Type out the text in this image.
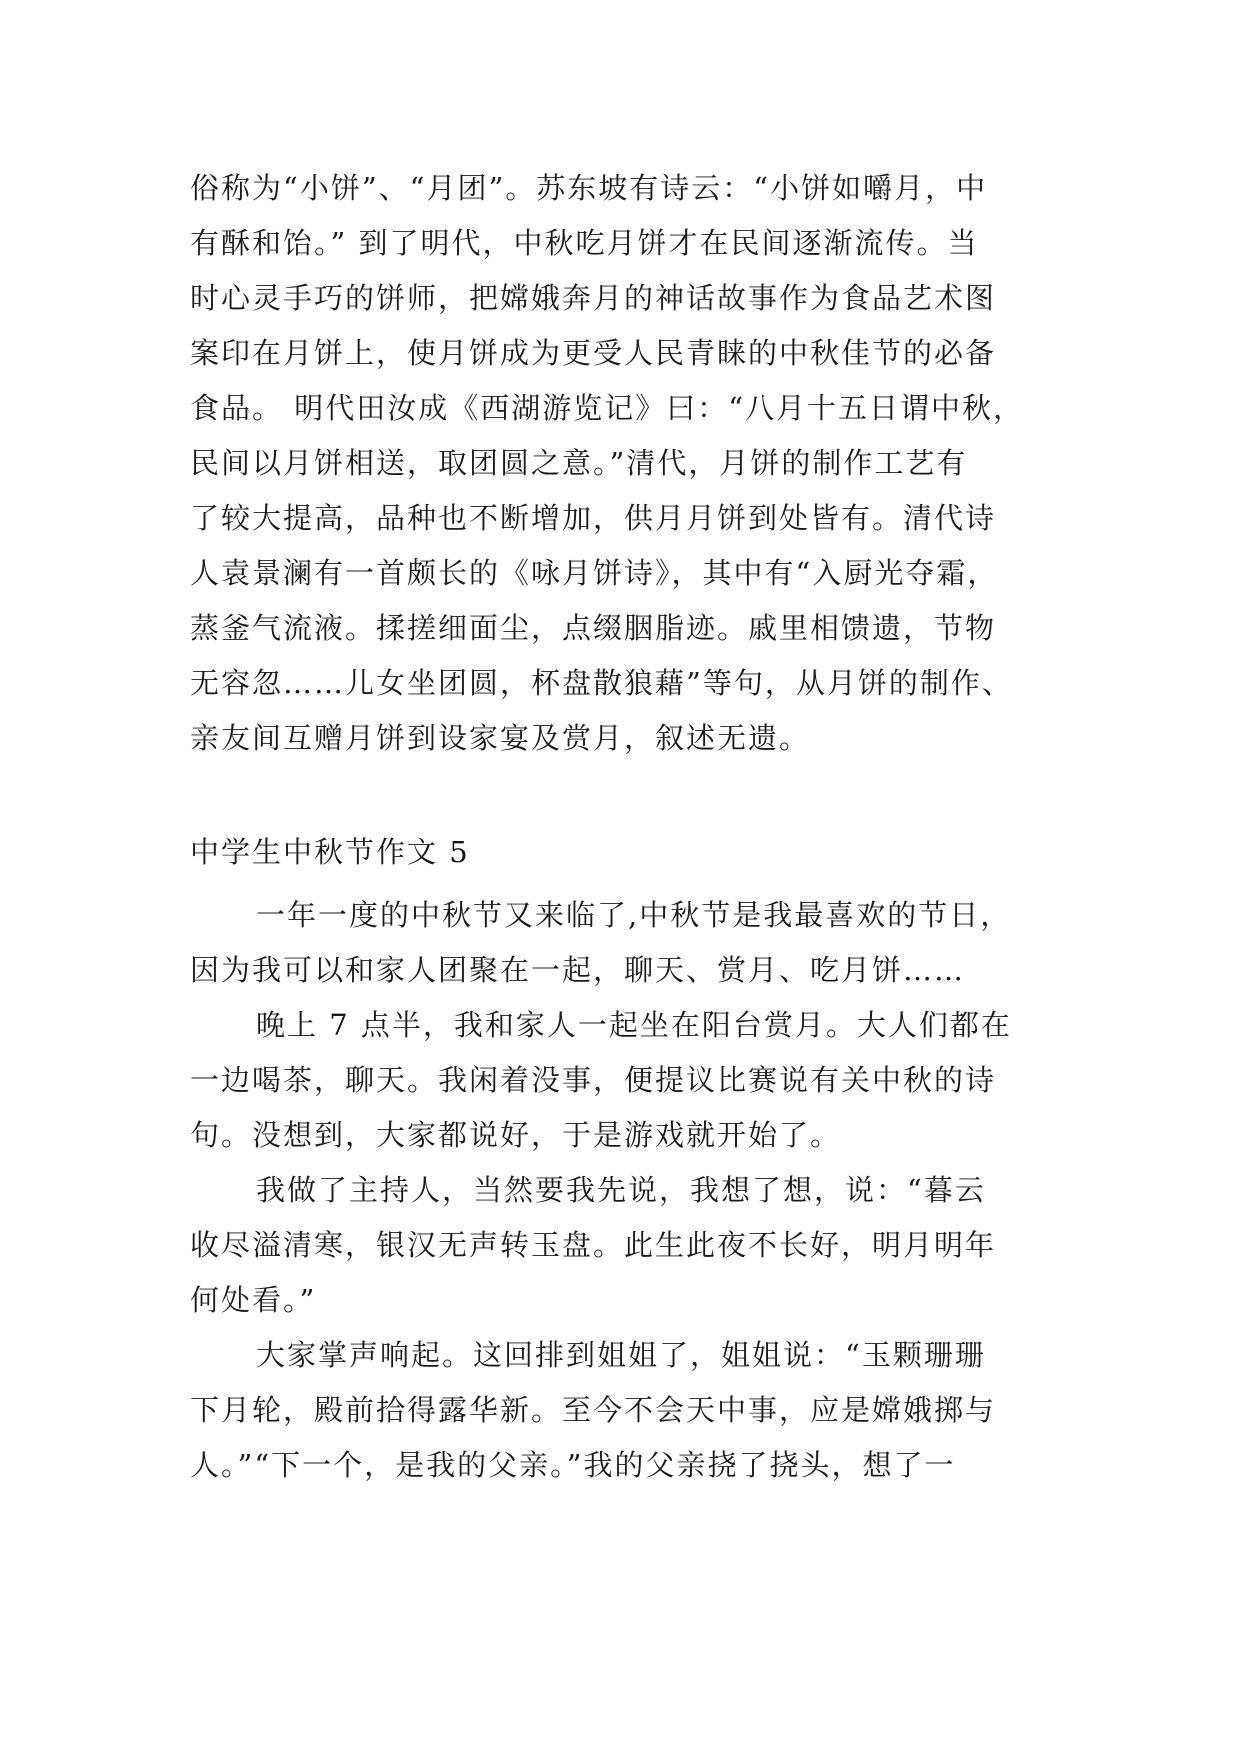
俗称为“小饼”、“月团”。苏东坡有诗云：“小饼如嚼月，中
有酥和饴。” 到了明代，中秋吃月饼才在民间逐渐流传。当
时心灵手巧的饼师，把嫦娥奔月的神话故事作为食品艺术图
案印在月饼上，使月饼成为更受人民青睐的中秋佳节的必备
食品。 明代田汝成《西湖游览记》曰：“八月十五日谓中秋，
民间以月饼相送，取团圆之意。”清代，月饼的制作工艺有
了较大提高，品种也不断增加，供月月饼到处皆有。清代诗
人袁景澜有一首颇长的《咏月饼诗》，其中有“入厨光夺霜，
蒸釜气流液。揉搓细面尘，点缀胭脂迹。戚里相馈遗，节物
无容忽……儿女坐团圆，杯盘散狼藉”等句，从月饼的制作、
亲友间互赠月饼到设家宴及赏月，叙述无遗。
中学生中秋节作文 5
一年一度的中秋节又来临了,中秋节是我最喜欢的节日，
因为我可以和家人团聚在一起，聊天、赏月、吃月饼……
晚上 7 点半，我和家人一起坐在阳台赏月。大人们都在
一边喝茶，聊天。我闲着没事，便提议比赛说有关中秋的诗
句。没想到，大家都说好，于是游戏就开始了。
我做了主持人，当然要我先说，我想了想，说：“暮云
收尽溢清寒，银汉无声转玉盘。此生此夜不长好，明月明年
何处看。”
大家掌声响起。这回排到姐姐了，姐姐说：“玉颗珊珊
下月轮，殿前拾得露华新。至今不会天中事，应是嫦娥掷与
人。”“下一个，是我的父亲。”我的父亲挠了挠头，想了一
